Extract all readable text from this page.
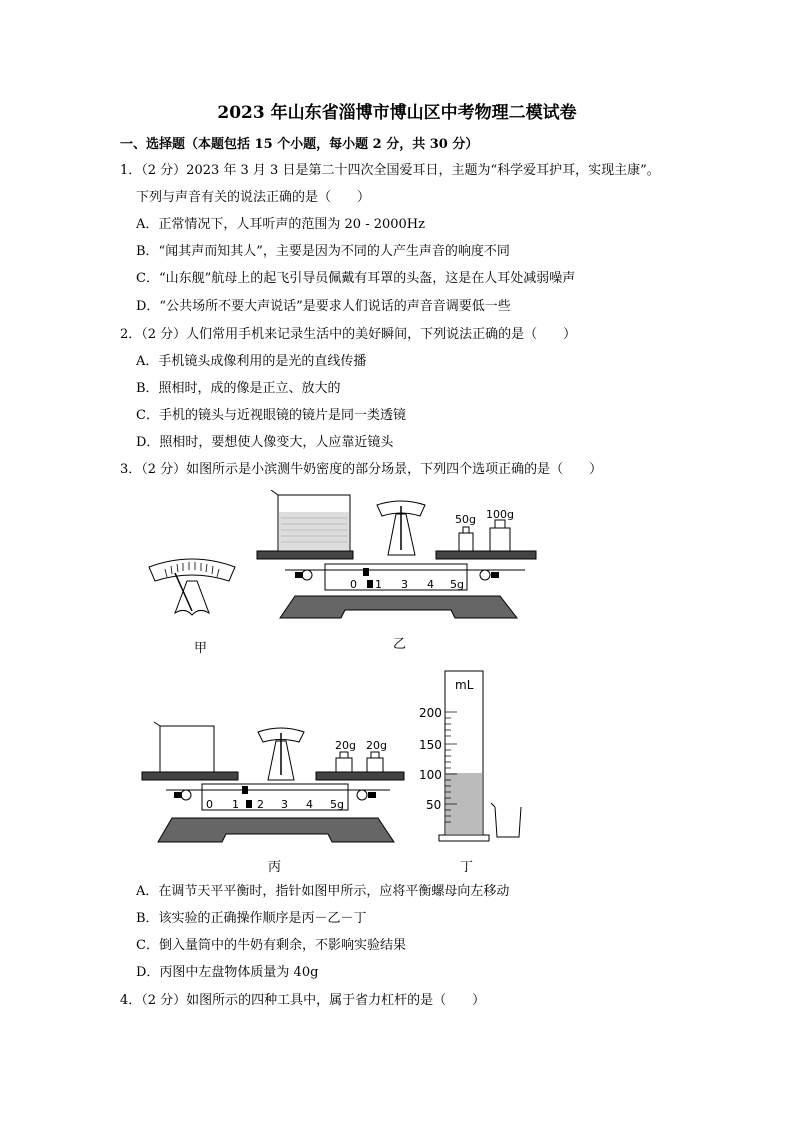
2023 年山东省淄博市博山区中考物理二模试卷
一、选择题（本题包括 15 个小题，每小题 2 分，共 30 分）
1．（2 分）2023 年 3 月 3 日是第二十四次全国爱耳日，主题为“科学爱耳护耳，实现主康”。
下列与声音有关的说法正确的是（　　）
A．正常情况下，人耳听声的范围为 20 - 2000Hz
B．“闻其声而知其人”，主要是因为不同的人产生声音的响度不同
C．“山东舰”航母上的起飞引导员佩戴有耳罩的头盔，这是在人耳处减弱噪声
D．“公共场所不要大声说话”是要求人们说话的声音音调要低一些
2．（2 分）人们常用手机来记录生活中的美好瞬间，下列说法正确的是（　　）
A．手机镜头成像利用的是光的直线传播
B．照相时，成的像是正立、放大的
C．手机的镜头与近视眼镜的镜片是同一类透镜
D．照相时，要想使人像变大，人应靠近镜头
3．（2 分）如图所示是小滨测牛奶密度的部分场景，下列四个选项正确的是（　　）
甲
0 1 3 4 5g
50g 100g
乙
0 1 2 3 4 5g
20g 20g
丙
mL
200
150
100
50
丁
A．在调节天平平衡时，指针如图甲所示，应将平衡螺母向左移动
B．该实验的正确操作顺序是丙－乙－丁
C．倒入量筒中的牛奶有剩余，不影响实验结果
D．丙图中左盘物体质量为 40g
4．（2 分）如图所示的四种工具中，属于省力杠杆的是（　　）
